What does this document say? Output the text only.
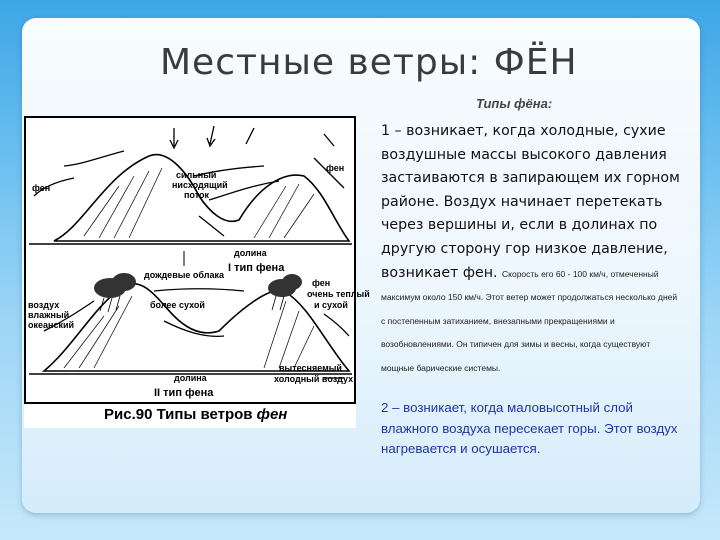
Местные ветры: ФЁН
Типы фёна:
фен
сильный
нисходящий
поток
фен
долина
I тип фена
дождевые облака
воздух
влажный
океанский
более сухой
фен
очень теплый
и сухой
долина
вытесняемый
холодный воздух
II тип фена
Рис.90 Типы ветров фен
1 – возникает, когда холодные, сухие воздушные массы высокого давления застаиваются в запирающем их горном районе. Воздух начинает перетекать через вершины и, если в долинах по другую сторону гор низкое давление, возникает фен. Скорость его 60 - 100 км/ч, отмеченный максимум около 150 км/ч. Этот ветер может продолжаться несколько дней с постепенным затиханием, внезапными прекращениями и возобновлениями. Он типичен для зимы и весны, когда существуют мощные барические системы.
2 – возникает, когда маловысотный слой влажного воздуха пересекает горы. Этот воздух нагревается и осушается.
